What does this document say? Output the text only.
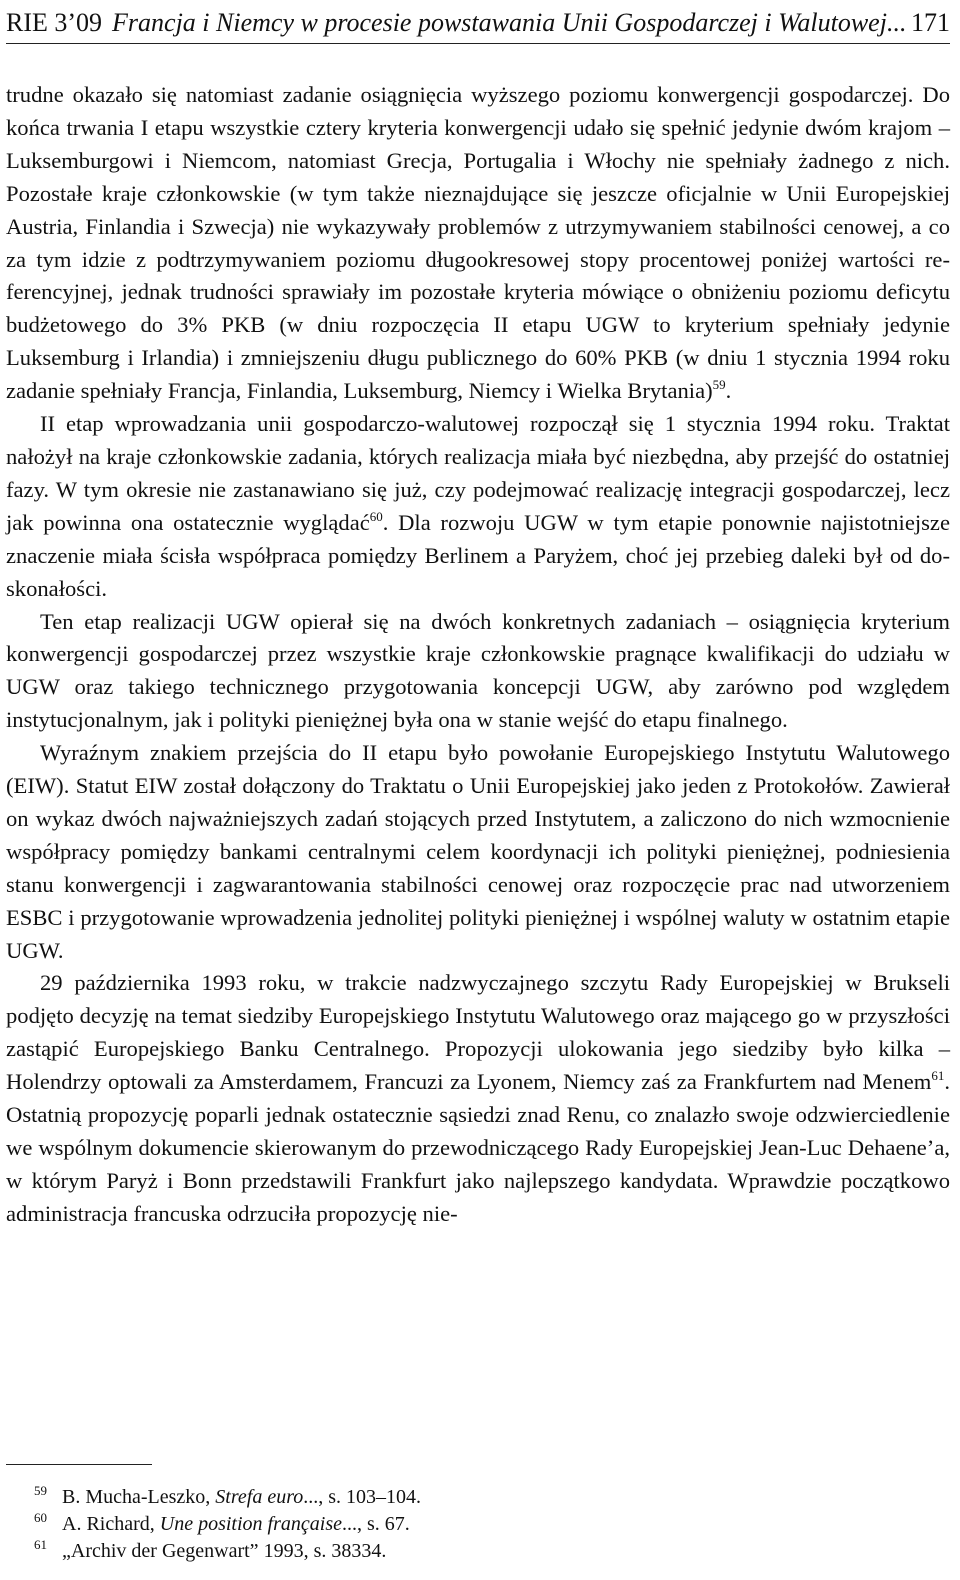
RIE 3’09 Francja i Niemcy w procesie powstawania Unii Gospodarczej i Walutowej... 171

trudne okazało się natomiast zadanie osiągnięcia wyższego poziomu konwergencji gospodarczej. Do końca trwania I etapu wszystkie cztery kryteria konwergencji udało się spełnić jedynie dwóm krajom – Luksemburgowi i Niemcom, natomiast Grecja, Portugalia i Włochy nie spełniały żadnego z nich. Pozostałe kraje członkowskie (w tym także nieznajdujące się jeszcze oficjalnie w Unii Europejskiej Austria, Finlandia i Szwecja) nie wykazywały problemów z utrzymywaniem stabilności cenowej, a co za tym idzie z podtrzymywaniem poziomu długookresowej stopy procentowej poniżej wartości referencyjnej, jednak trudności sprawiały im pozostałe kryteria mówiące o obniżeniu poziomu deficytu budżetowego do 3% PKB (w dniu rozpoczęcia II etapu UGW to kryterium spełniały jedynie Luksemburg i Irlandia) i zmniejszeniu długu publicznego do 60% PKB (w dniu 1 stycznia 1994 roku zadanie spełniały Francja, Finlandia, Luksemburg, Niemcy i Wielka Brytania)$^{59}$.

II etap wprowadzania unii gospodarczo-walutowej rozpoczął się 1 stycznia 1994 roku. Traktat nałożył na kraje członkowskie zadania, których realizacja miała być niezbędna, aby przejść do ostatniej fazy. W tym okresie nie zastanawiano się już, czy podejmować realizację integracji gospodarczej, lecz jak powinna ona ostatecznie wyglądać$^{60}$. Dla rozwoju UGW w tym etapie ponownie najistotniejsze znaczenie miała ścisła współpraca pomiędzy Berlinem a Paryżem, choć jej przebieg daleki był od doskonałości.

Ten etap realizacji UGW opierał się na dwóch konkretnych zadaniach – osiągnięcia kryterium konwergencji gospodarczej przez wszystkie kraje członkowskie pragnące kwalifikacji do udziału w UGW oraz takiego technicznego przygotowania koncepcji UGW, aby zarówno pod względem instytucjonalnym, jak i polityki pieniężnej była ona w stanie wejść do etapu finalnego.

Wyraźnym znakiem przejścia do II etapu było powołanie Europejskiego Instytutu Walutowego (EIW). Statut EIW został dołączony do Traktatu o Unii Europejskiej jako jeden z Protokołów. Zawierał on wykaz dwóch najważniejszych zadań stojących przed Instytutem, a zaliczono do nich wzmocnienie współpracy pomiędzy bankami centralnymi celem koordynacji ich polityki pieniężnej, podniesienia stanu konwergencji i zagwarantowania stabilności cenowej oraz rozpoczęcie prac nad utworzeniem ESBC i przygotowanie wprowadzenia jednolitej polityki pieniężnej i wspólnej waluty w ostatnim etapie UGW.

29 października 1993 roku, w trakcie nadzwyczajnego szczytu Rady Europejskiej w Brukseli podjęto decyzję na temat siedziby Europejskiego Instytutu Walutowego oraz mającego go w przyszłości zastąpić Europejskiego Banku Centralnego. Propozycji ulokowania jego siedziby było kilka – Holendrzy optowali za Amsterdamem, Francuzi za Lyonem, Niemcy zaś za Frankfurtem nad Menem$^{61}$. Ostatnią propozycję poparli jednak ostatecznie sąsiedzi znad Renu, co znalazło swoje odzwierciedlenie we wspólnym dokumencie skierowanym do przewodniczącego Rady Europejskiej Jean-Luc Dehaene’a, w którym Paryż i Bonn przedstawili Frankfurt jako najlepszego kandydata. Wprawdzie początkowo administracja francuska odrzuciła propozycję nie-

59 B. Mucha-Leszko, Strefa euro..., s. 103–104.
60 A. Richard, Une position française..., s. 67.
61 „Archiv der Gegenwart” 1993, s. 38334.
